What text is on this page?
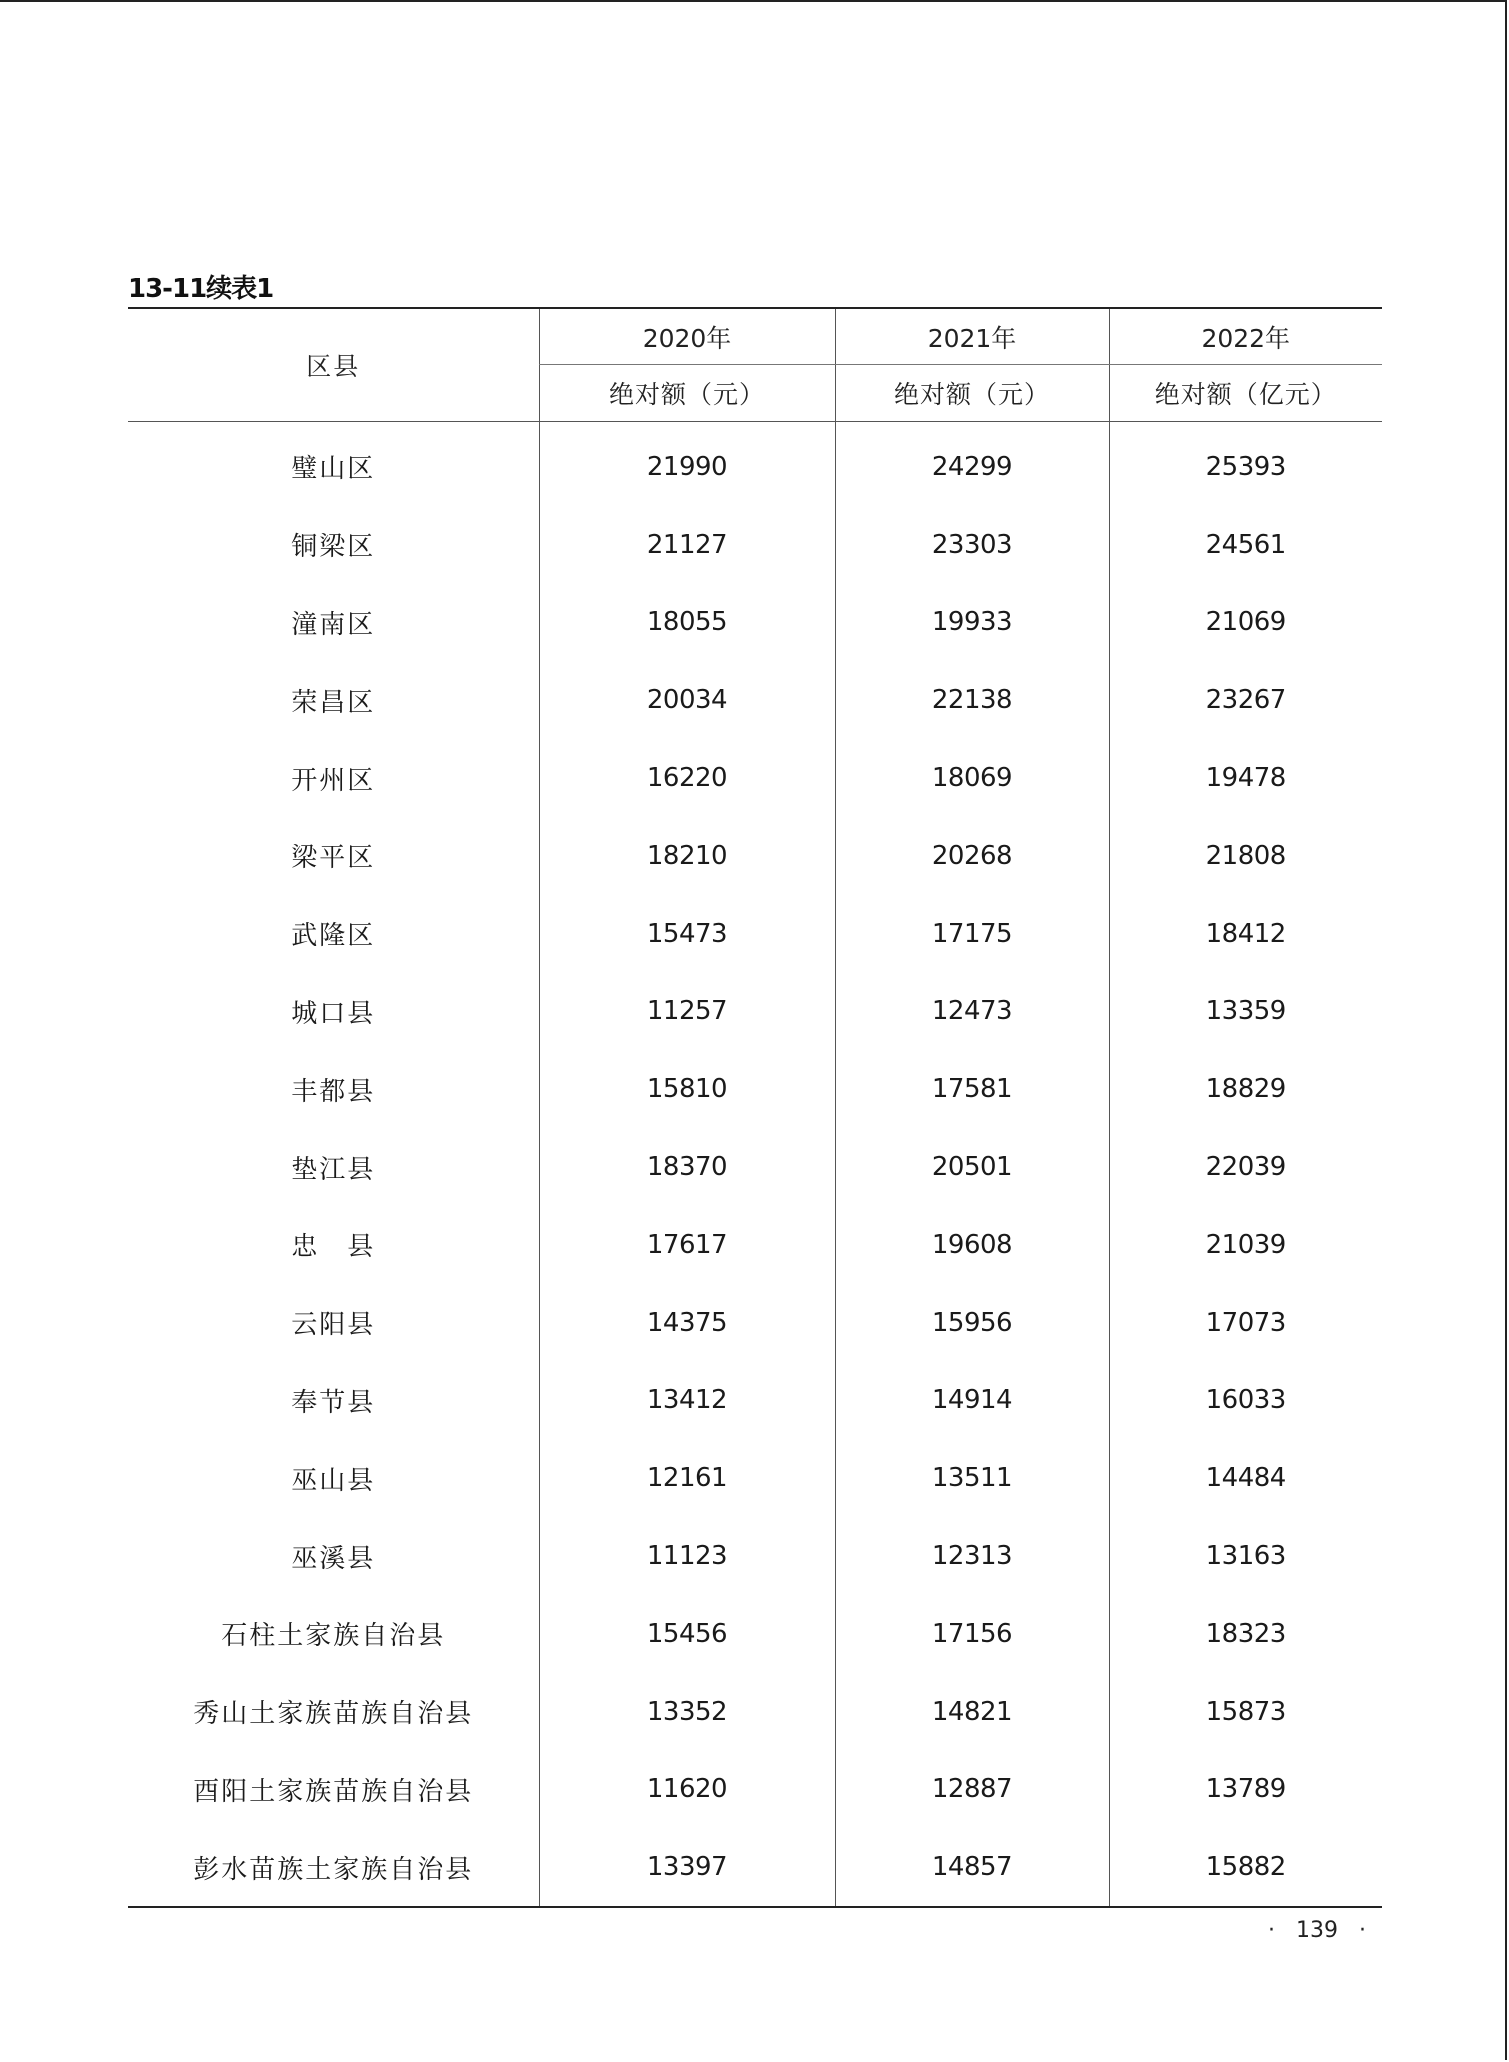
13-11续表1
区县	2020年	2021年	2022年
	绝对额（元）	绝对额（元）	绝对额（亿元）
璧山区	21990	24299	25393
铜梁区	21127	23303	24561
潼南区	18055	19933	21069
荣昌区	20034	22138	23267
开州区	16220	18069	19478
梁平区	18210	20268	21808
武隆区	15473	17175	18412
城口县	11257	12473	13359
丰都县	15810	17581	18829
垫江县	18370	20501	22039
忠　县	17617	19608	21039
云阳县	14375	15956	17073
奉节县	13412	14914	16033
巫山县	12161	13511	14484
巫溪县	11123	12313	13163
石柱土家族自治县	15456	17156	18323
秀山土家族苗族自治县	13352	14821	15873
酉阳土家族苗族自治县	11620	12887	13789
彭水苗族土家族自治县	13397	14857	15882
·   139   ·
